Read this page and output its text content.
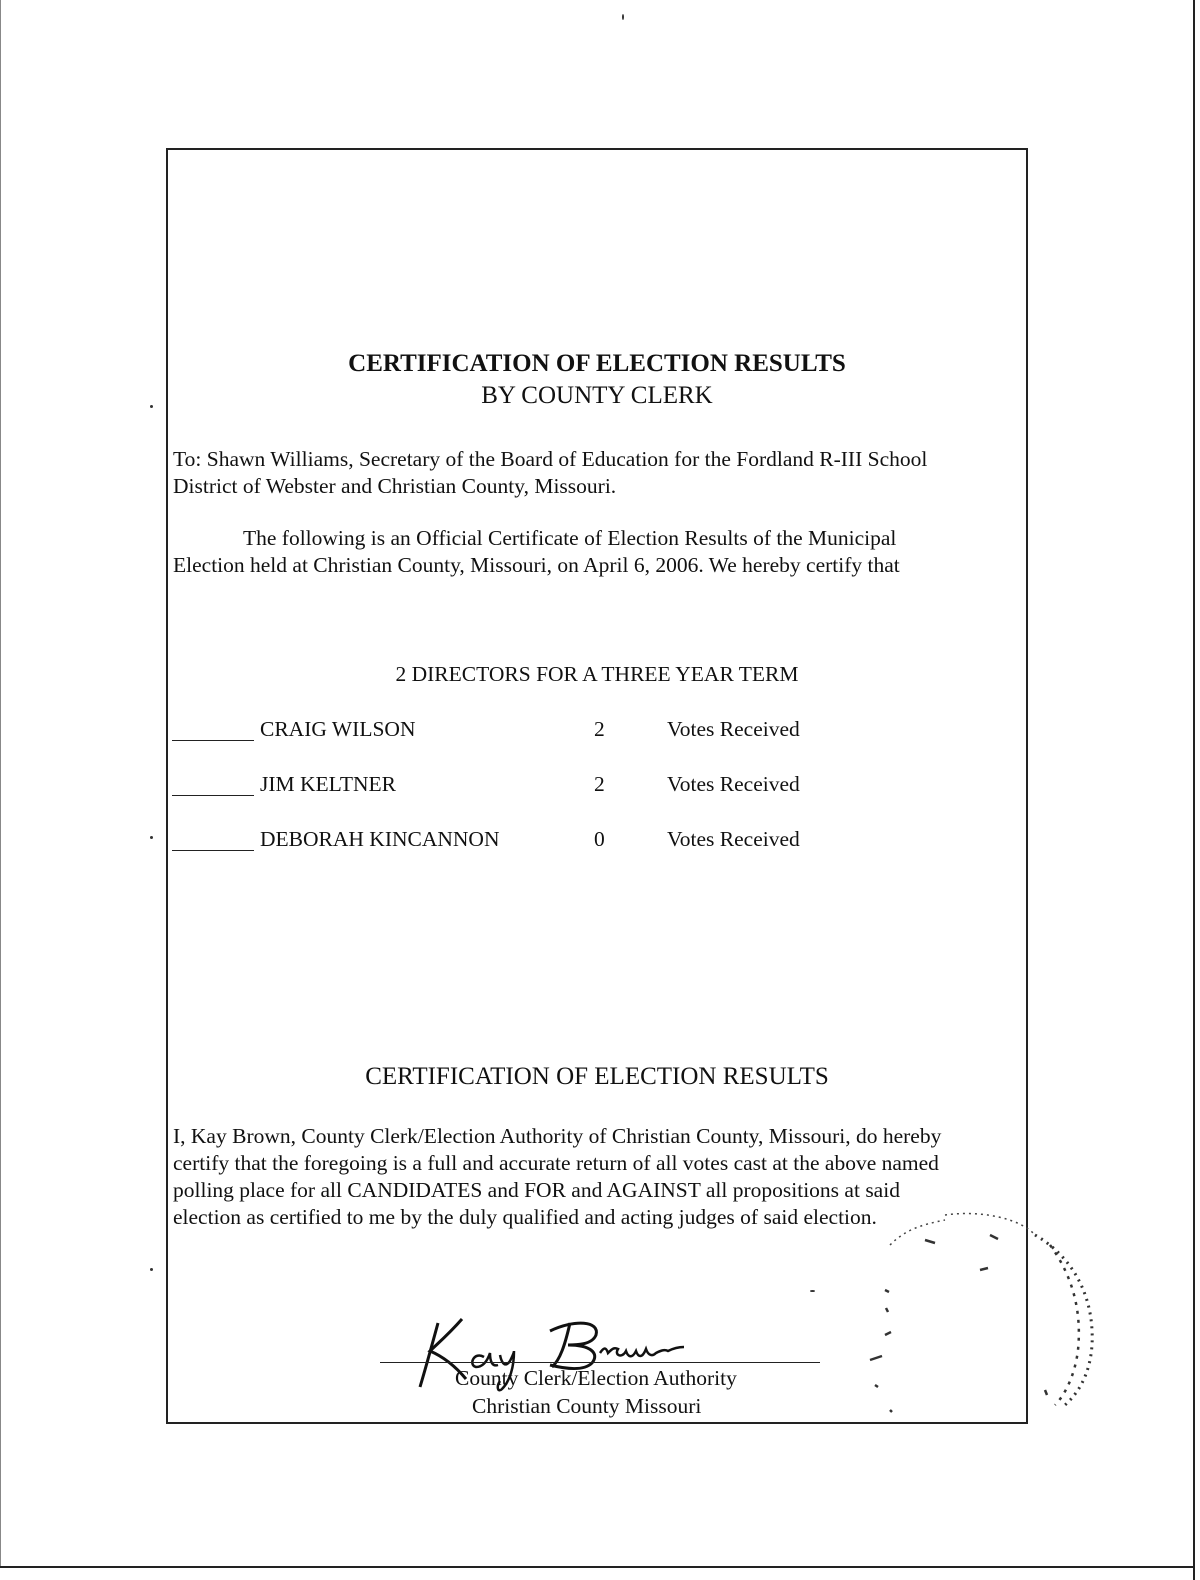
CERTIFICATION OF ELECTION RESULTS
BY COUNTY CLERK
To: Shawn Williams, Secretary of the Board of Education for the Fordland R-III School
District of Webster and Christian County, Missouri.
The following is an Official Certificate of Election Results of the Municipal
Election held at Christian County, Missouri, on April 6, 2006. We hereby certify that
2 DIRECTORS FOR A THREE YEAR TERM
CRAIG WILSON	2	Votes Received
JIM KELTNER	2	Votes Received
DEBORAH KINCANNON	0	Votes Received
CERTIFICATION OF ELECTION RESULTS
I, Kay Brown, County Clerk/Election Authority of Christian County, Missouri, do hereby
certify that the foregoing is a full and accurate return of all votes cast at the above named
polling place for all CANDIDATES and FOR and AGAINST all propositions at said
election as certified to me by the duly qualified and acting judges of said election.
County Clerk/Election Authority
Christian County Missouri
